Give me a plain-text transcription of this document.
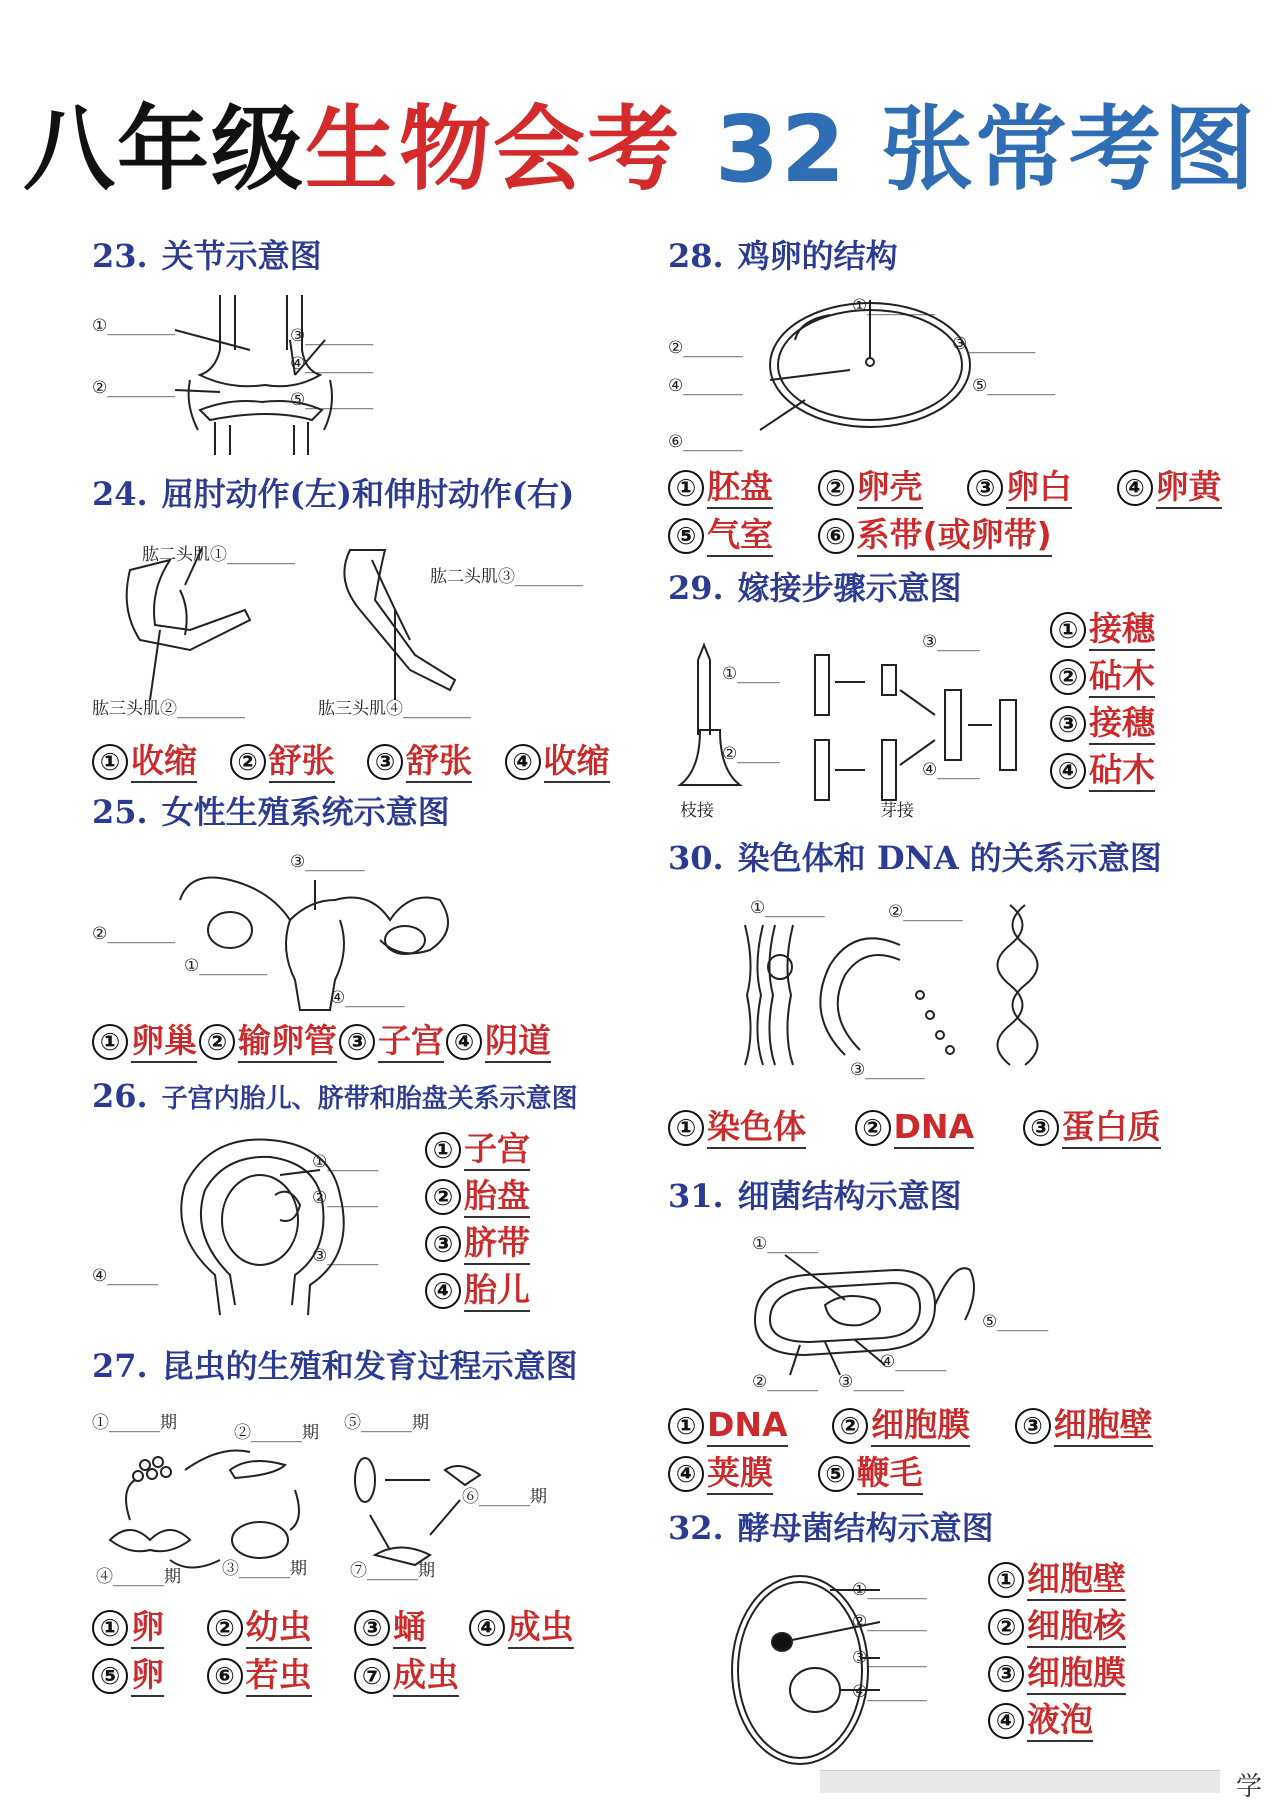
八年级生物会考 32 张常考图
23. 关节示意图
①________
②________
③________
④________
⑤________
24. 屈肘动作(左)和伸肘动作(右)
肱二头肌①________
肱三头肌②________
肱二头肌③________
肱三头肌④________
① 收缩 ② 舒张 ③ 舒张 ④ 收缩
25. 女性生殖系统示意图
③_______
②________
①________
④_______
① 卵巢 ② 输卵管 ③ 子宫 ④ 阴道
26. 子宫内胎儿、脐带和胎盘关系示意图
①______
②______
③______
④______
① 子宫
② 胎盘
③ 脐带
④ 胎儿
27. 昆虫的生殖和发育过程示意图
①______期	②______期 ⑤______期
⑥______期
③______期
④______期	⑦______期
① 卵 ② 幼虫 ③ 蛹 ④ 成虫
⑤ 卵 ⑥ 若虫 ⑦ 成虫
28. 鸡卵的结构
①________
②_______	③________
④_______	⑤________
⑥_______
① 胚盘 ② 卵壳 ③ 卵白 ④ 卵黄
⑤ 气室 ⑥ 系带(或卵带)
29. 嫁接步骤示意图
①_____
②_____
③_____
④_____
枝接	芽接
① 接穗
② 砧木
③ 接穗
④ 砧木
30. 染色体和 DNA 的关系示意图
①_______	②_______
③_______
① 染色体 ② DNA ③ 蛋白质
31. 细菌结构示意图
①______
⑤______
④______
②______ ③______
① DNA ② 细胞膜 ③ 细胞壁
④ 荚膜 ⑤ 鞭毛
32. 酵母菌结构示意图
①_______
②_______
③_______
④_______
① 细胞壁
② 细胞核
③ 细胞膜
④ 液泡
学
